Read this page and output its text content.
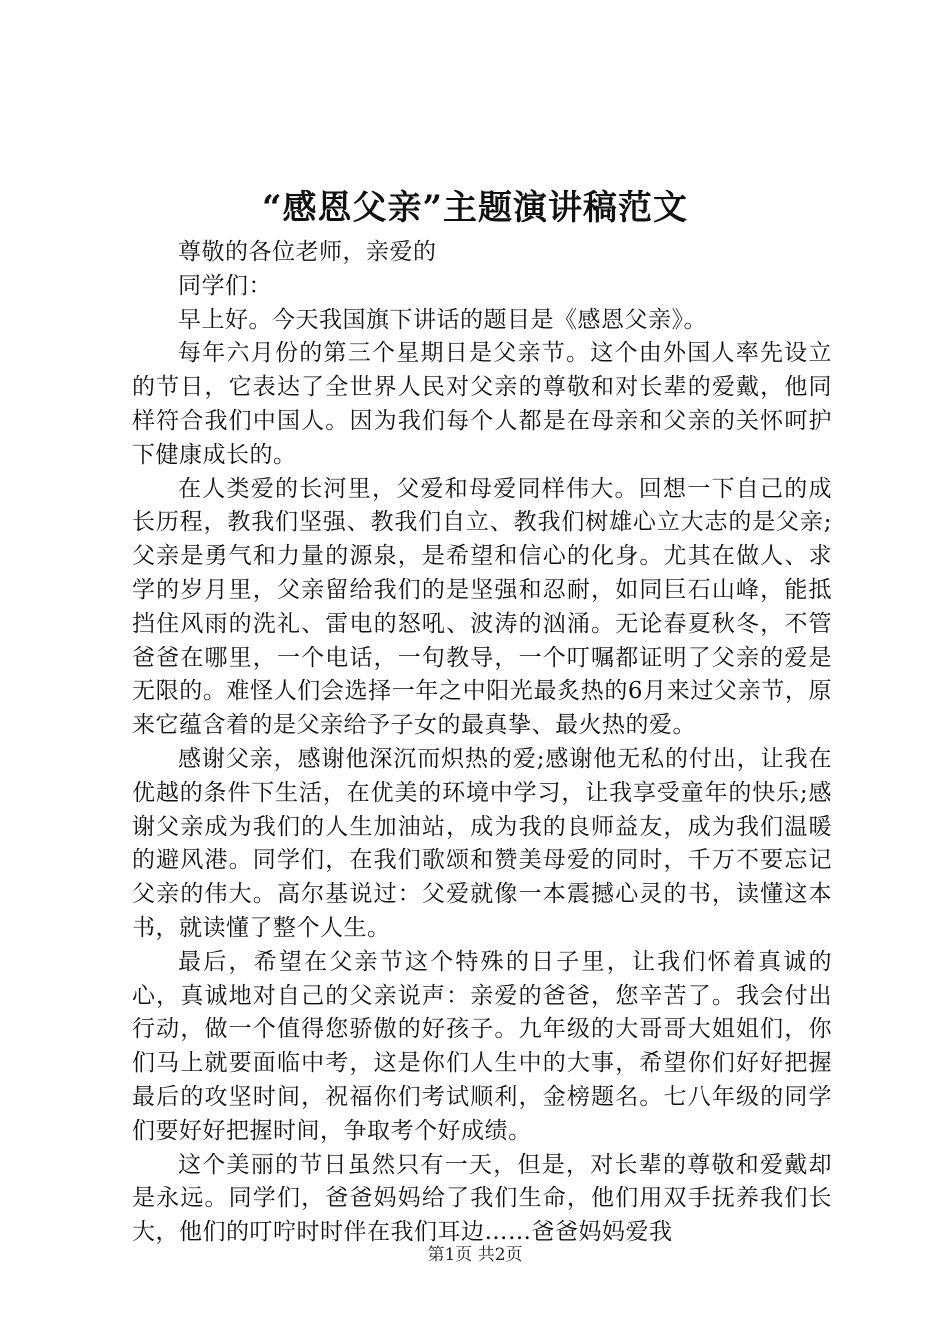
“感恩父亲”主题演讲稿范文

尊敬的各位老师，亲爱的

同学们：

早上好。今天我国旗下讲话的题目是《感恩父亲》。

每年六月份的第三个星期日是父亲节。这个由外国人率先设立的节日，它表达了全世界人民对父亲的尊敬和对长辈的爱戴，他同样符合我们中国人。因为我们每个人都是在母亲和父亲的关怀呵护下健康成长的。

在人类爱的长河里，父爱和母爱同样伟大。回想一下自己的成长历程，教我们坚强、教我们自立、教我们树雄心立大志的是父亲;父亲是勇气和力量的源泉，是希望和信心的化身。尤其在做人、求学的岁月里，父亲留给我们的是坚强和忍耐，如同巨石山峰，能抵挡住风雨的洗礼、雷电的怒吼、波涛的汹涌。无论春夏秋冬，不管爸爸在哪里，一个电话，一句教导，一个叮嘱都证明了父亲的爱是无限的。难怪人们会选择一年之中阳光最炙热的6月来过父亲节，原来它蕴含着的是父亲给予子女的最真挚、最火热的爱。

感谢父亲，感谢他深沉而炽热的爱;感谢他无私的付出，让我在优越的条件下生活，在优美的环境中学习，让我享受童年的快乐;感谢父亲成为我们的人生加油站，成为我的良师益友，成为我们温暖的避风港。同学们，在我们歌颂和赞美母爱的同时，千万不要忘记父亲的伟大。高尔基说过：父爱就像一本震撼心灵的书，读懂这本书，就读懂了整个人生。

最后，希望在父亲节这个特殊的日子里，让我们怀着真诚的心，真诚地对自己的父亲说声：亲爱的爸爸，您辛苦了。我会付出行动，做一个值得您骄傲的好孩子。九年级的大哥哥大姐姐们，你们马上就要面临中考，这是你们人生中的大事，希望你们好好把握最后的攻坚时间，祝福你们考试顺利，金榜题名。七八年级的同学们要好好把握时间，争取考个好成绩。

这个美丽的节日虽然只有一天，但是，对长辈的尊敬和爱戴却是永远。同学们，爸爸妈妈给了我们生命，他们用双手抚养我们长大，他们的叮咛时时伴在我们耳边……爸爸妈妈爱我

第1页 共2页
